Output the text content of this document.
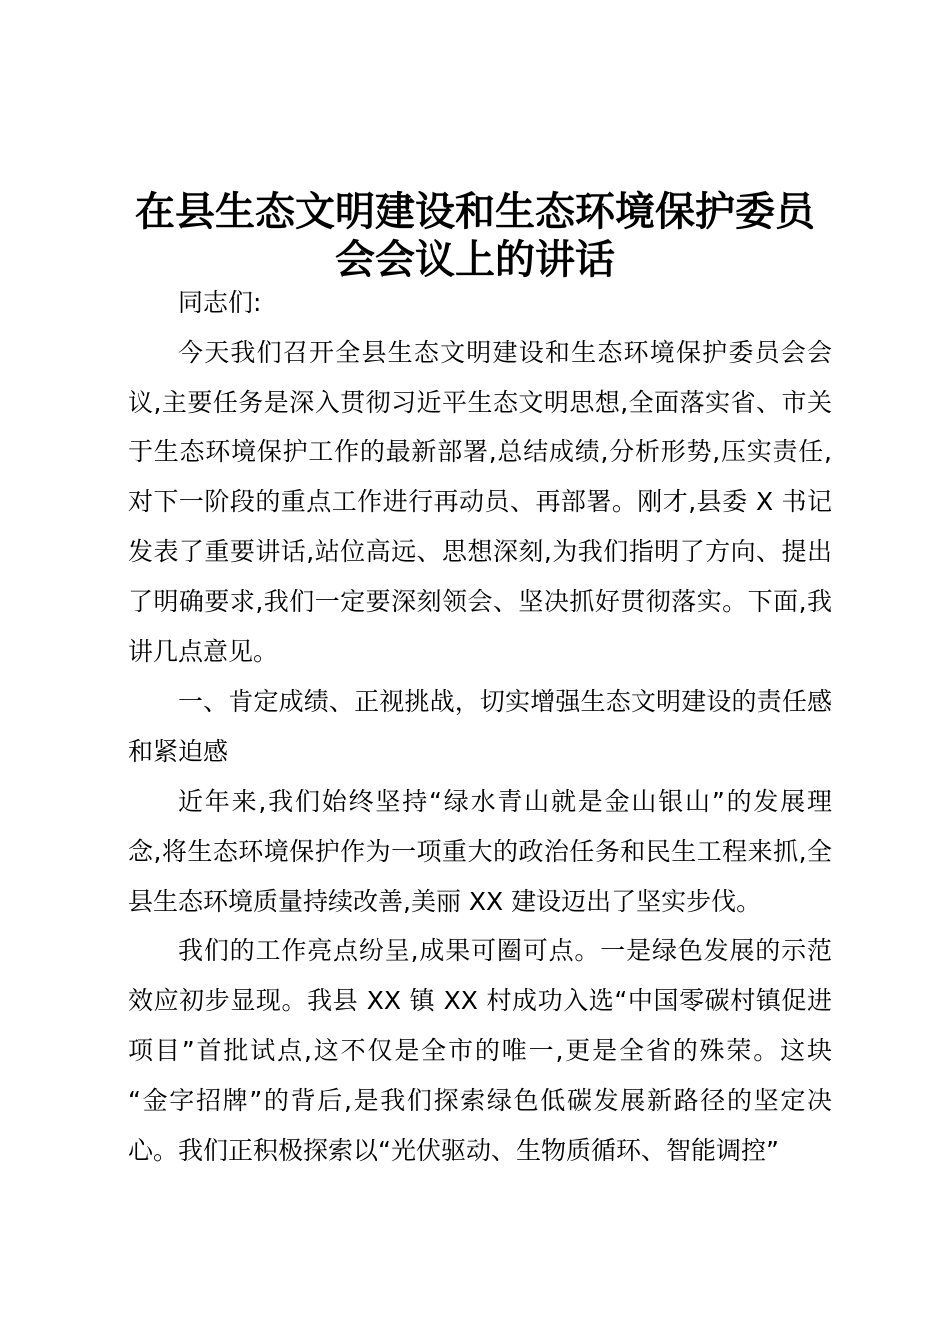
在县生态文明建设和生态环境保护委员
会会议上的讲话
同志们:
今天我们召开全县生态文明建设和生态环境保护委员会会
议,主要任务是深入贯彻习近平生态文明思想,全面落实省、市关
于生态环境保护工作的最新部署,总结成绩,分析形势,压实责任,
对下一阶段的重点工作进行再动员、再部署。刚才,县委 X 书记
发表了重要讲话,站位高远、思想深刻,为我们指明了方向、提出
了明确要求,我们一定要深刻领会、坚决抓好贯彻落实。下面,我
讲几点意见。
一、肯定成绩、正视挑战，切实增强生态文明建设的责任感
和紧迫感
近年来,我们始终坚持“绿水青山就是金山银山”的发展理
念,将生态环境保护作为一项重大的政治任务和民生工程来抓,全
县生态环境质量持续改善,美丽 XX 建设迈出了坚实步伐。
我们的工作亮点纷呈,成果可圈可点。一是绿色发展的示范
效应初步显现。我县 XX 镇 XX 村成功入选“中国零碳村镇促进
项目”首批试点,这不仅是全市的唯一,更是全省的殊荣。这块
“金字招牌”的背后,是我们探索绿色低碳发展新路径的坚定决
心。我们正积极探索以“光伏驱动、生物质循环、智能调控”
